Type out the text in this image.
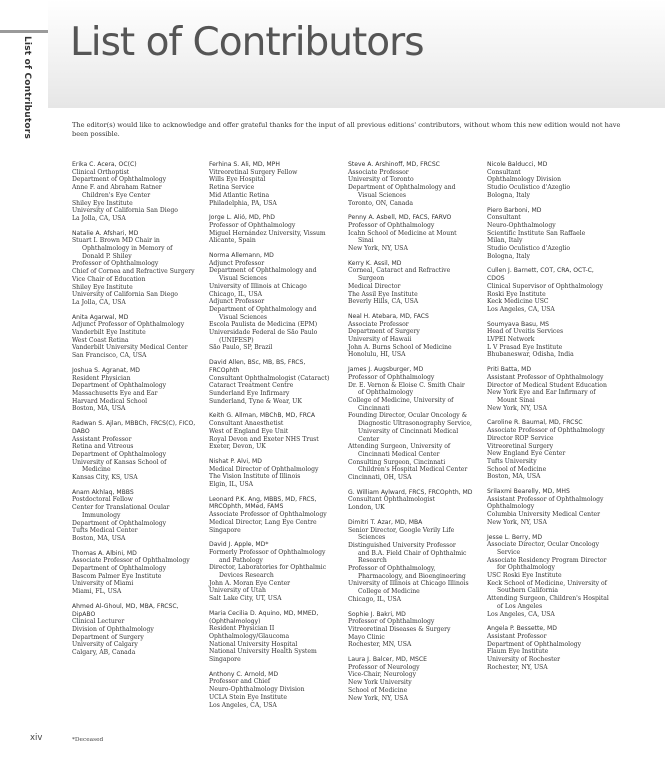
List of Contributors List of Contributors

The editor(s) would like to acknowledge and offer grateful thanks for the input of all previous editions' contributors, without whom this new edition would not have been possible.

Erika C. Acera, OC(C)
Clinical Orthoptist
Department of Ophthalmology
Anne F. and Abraham Ratner
Children's Eye Center
Shiley Eye Institute
University of California San Diego
La Jolla, CA, USA
Natalie A. Afshari, MD
Stuart I. Brown MD Chair in
Ophthalmology in Memory of
Donald P. Shiley
Professor of Ophthalmology
Chief of Cornea and Refractive Surgery
Vice Chair of Education
Shiley Eye Institute
University of California San Diego
La Jolla, CA, USA
Anita Agarwal, MD
Adjunct Professor of Ophthalmology
Vanderbilt Eye Institute
West Coast Retina
Vanderbilt University Medical Center
San Francisco, CA, USA
Joshua S. Agranat, MD
Resident Physician
Department of Ophthalmology
Massachusetts Eye and Ear
Harvard Medical School
Boston, MA, USA
Radwan S. Ajlan, MBBCh, FRCS(C), FICO, DABO
Assistant Professor
Retina and Vitreous
Department of Ophthalmology
University of Kansas School of
Medicine
Kansas City, KS, USA
Anam Akhlaq, MBBS
Postdoctoral Fellow
Center for Translational Ocular
Immunology
Department of Ophthalmology
Tufts Medical Center
Boston, MA, USA
Thomas A. Albini, MD
Associate Professor of Ophthalmology
Department of Ophthalmology
Bascom Palmer Eye Institute
University of Miami
Miami, FL, USA
Ahmed Al-Ghoul, MD, MBA, FRCSC, DipABO
Clinical Lecturer
Division of Ophthalmology
Department of Surgery
University of Calgary
Calgary, AB, Canada
Ferhina S. Ali, MD, MPH
Vitreoretinal Surgery Fellow
Wills Eye Hospital
Retina Service
Mid Atlantic Retina
Philadelphia, PA, USA
Jorge L. Alió, MD, PhD
Professor of Ophthalmology
Miguel Hernández University, Vissum
Alicante, Spain
Norma Allemann, MD
Adjunct Professor
Department of Ophthalmology and
Visual Sciences
University of Illinois at Chicago
Chicago, IL, USA
Adjunct Professor
Department of Ophthalmology and
Visual Sciences
Escola Paulista de Medicina (EPM)
Universidade Federal de São Paulo
(UNIFESP)
São Paulo, SP, Brazil
David Allen, BSc, MB, BS, FRCS, FRCOphth
Consultant Ophthalmologist (Cataract)
Cataract Treatment Centre
Sunderland Eye Infirmary
Sunderland, Tyne & Wear, UK
Keith G. Allman, MBChB, MD, FRCA
Consultant Anaesthetist
West of England Eye Unit
Royal Devon and Exeter NHS Trust
Exeter, Devon, UK
Nishat P. Alvi, MD
Medical Director of Ophthalmology
The Vision Institute of Illinois
Elgin, IL, USA
Leonard P.K. Ang, MBBS, MD, FRCS, MRCOphth, MMed, FAMS
Associate Professor of Ophthalmology
Medical Director, Lang Eye Centre
Singapore
David J. Apple, MD*
Formerly Professor of Ophthalmology
and Pathology
Director, Laboratories for Ophthalmic
Devices Research
John A. Moran Eye Center
University of Utah
Salt Lake City, UT, USA
Maria Cecilia D. Aquino, MD, MMED, (Ophthalmology)
Resident Physician II
Ophthalmology/Glaucoma
National University Hospital
National University Health System
Singapore
Anthony C. Arnold, MD
Professor and Chief
Neuro-Ophthalmology Division
UCLA Stein Eye Institute
Los Angeles, CA, USA
Steve A. Arshinoff, MD, FRCSC
Associate Professor
University of Toronto
Department of Ophthalmology and
Visual Sciences
Toronto, ON, Canada
Penny A. Asbell, MD, FACS, FARVO
Professor of Ophthalmology
Icahn School of Medicine at Mount
Sinai
New York, NY, USA
Kerry K. Assil, MD
Corneal, Cataract and Refractive
Surgeon
Medical Director
The Assil Eye Institute
Beverly Hills, CA, USA
Neal H. Atebara, MD, FACS
Associate Professor
Department of Surgery
University of Hawaii
John A. Burns School of Medicine
Honolulu, HI, USA
James J. Augsburger, MD
Professor of Ophthalmology
Dr. E. Vernon & Eloise C. Smith Chair
of Ophthalmology
College of Medicine, University of
Cincinnati
Founding Director, Ocular Oncology &
Diagnostic Ultrasonography Service,
University of Cincinnati Medical
Center
Attending Surgeon, University of
Cincinnati Medical Center
Consulting Surgeon, Cincinnati
Children's Hospital Medical Center
Cincinnati, OH, USA
G. William Aylward, FRCS, FRCOphth, MD
Consultant Ophthalmologist
London, UK
Dimitri T. Azar, MD, MBA
Senior Director, Google Verily Life
Sciences
Distinguished University Professor
and B.A. Field Chair of Ophthalmic
Research
Professor of Ophthalmology,
Pharmacology, and Bioengineering
University of Illinois at Chicago Illinois
College of Medicine
Chicago, IL, USA
Sophie J. Bakri, MD
Professor of Ophthalmology
Vitreoretinal Diseases & Surgery
Mayo Clinic
Rochester, MN, USA
Laura J. Balcer, MD, MSCE
Professor of Neurology
Vice-Chair, Neurology
New York University
School of Medicine
New York, NY, USA
Nicole Balducci, MD
Consultant
Ophthalmology Division
Studio Oculistico d'Azeglio
Bologna, Italy
Piero Barboni, MD
Consultant
Neuro-Ophthalmology
Scientific Institute San Raffaele
Milan, Italy
Studio Oculistico d'Azeglio
Bologna, Italy
Cullen J. Barnett, COT, CRA, OCT-C, CDOS
Clinical Supervisor of Ophthalmology
Roski Eye Institute
Keck Medicine USC
Los Angeles, CA, USA
Soumyava Basu, MS
Head of Uveitis Services
LVPEI Network
L V Prasad Eye Institute
Bhubaneswar, Odisha, India
Priti Batta, MD
Assistant Professor of Ophthalmology
Director of Medical Student Education
New York Eye and Ear Infirmary of
Mount Sinai
New York, NY, USA
Caroline R. Baumal, MD, FRCSC
Associate Professor of Ophthalmology
Director ROP Service
Vitreoretinal Surgery
New England Eye Center
Tufts University
School of Medicine
Boston, MA, USA
Srilaxmi Bearelly, MD, MHS
Assistant Professor of Ophthalmology
Ophthalmology
Columbia University Medical Center
New York, NY, USA
Jesse L. Berry, MD
Associate Director, Ocular Oncology
Service
Associate Residency Program Director
for Ophthalmology
USC Roski Eye Institute
Keck School of Medicine, University of
Southern California
Attending Surgeon, Children's Hospital
of Los Angeles
Los Angeles, CA, USA
Angela P. Bessette, MD
Assistant Professor
Department of Ophthalmology
Flaum Eye Institute
University of Rochester
Rochester, NY, USA
xiv	*Deceased
